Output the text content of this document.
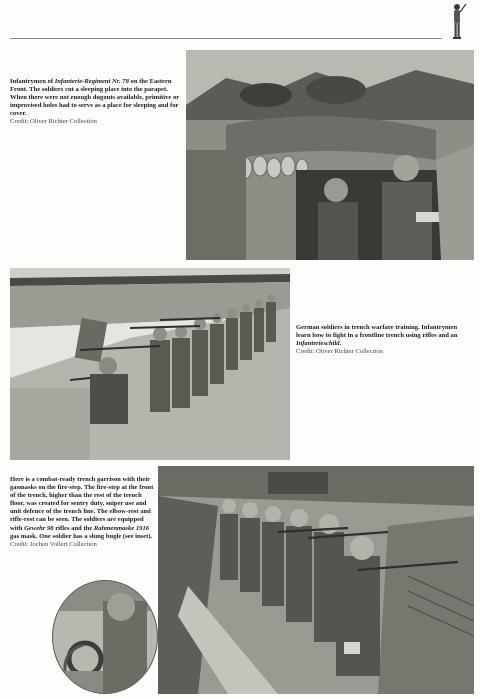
Infantrymen of Infanterie-Regiment Nr. 78 on the Eastern Front. The soldiers cut a sleeping place into the parapet. When there were not enough dugouts available, primitive or improvised holes had to serve as a place for sleeping and for cover.
Credit: Oliver Richter Collection
German soldiers in trench warfare training. Infantrymen learn how to fight in a frontline trench using rifles and an Infanterieschild.
Credit: Oliver Richter Collection
Here is a combat-ready trench garrison with their gasmasks on the fire-step. The fire-step at the front of the trench, higher than the rest of the trench floor, was created for sentry duty, sniper use and unit defence of the trench line. The elbow-rest and rifle-rest can be seen. The soldiers are equipped with Gewehr 98 rifles and the Rahmenmaske 1916 gas mask. One soldier has a slung bugle (see inset).
Credit: Jochen Vollert Collection
